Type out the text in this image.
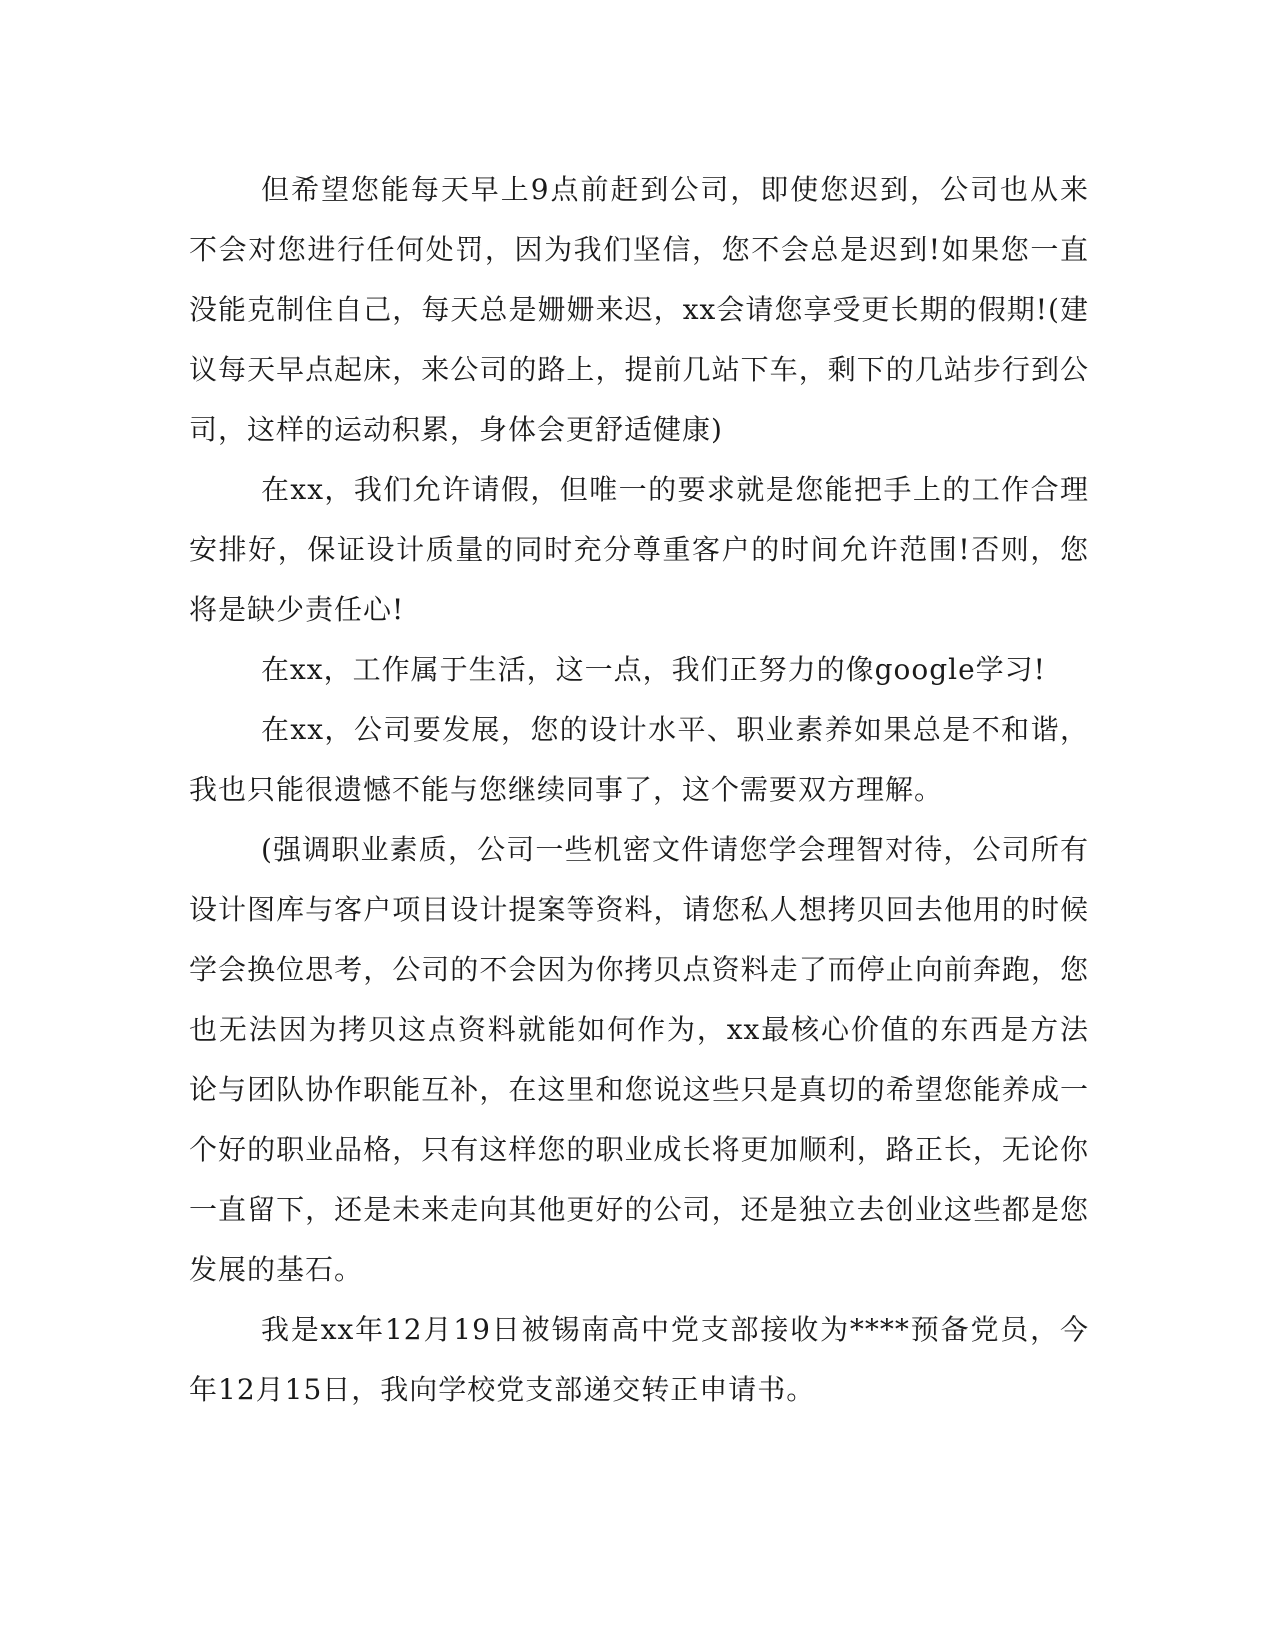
但希望您能每天早上9点前赶到公司，即使您迟到，公司也从来不会对您进行任何处罚，因为我们坚信，您不会总是迟到!如果您一直没能克制住自己，每天总是姗姗来迟，xx会请您享受更长期的假期!(建议每天早点起床，来公司的路上，提前几站下车，剩下的几站步行到公司，这样的运动积累，身体会更舒适健康)

在xx，我们允许请假，但唯一的要求就是您能把手上的工作合理安排好，保证设计质量的同时充分尊重客户的时间允许范围!否则，您将是缺少责任心!

在xx，工作属于生活，这一点，我们正努力的像google学习!

在xx，公司要发展，您的设计水平、职业素养如果总是不和谐，我也只能很遗憾不能与您继续同事了，这个需要双方理解。

(强调职业素质，公司一些机密文件请您学会理智对待，公司所有设计图库与客户项目设计提案等资料，请您私人想拷贝回去他用的时候学会换位思考，公司的不会因为你拷贝点资料走了而停止向前奔跑，您也无法因为拷贝这点资料就能如何作为，xx最核心价值的东西是方法论与团队协作职能互补，在这里和您说这些只是真切的希望您能养成一个好的职业品格，只有这样您的职业成长将更加顺利，路正长，无论你一直留下，还是未来走向其他更好的公司，还是独立去创业这些都是您发展的基石。

我是xx年12月19日被锡南高中党支部接收为****预备党员，今年12月15日，我向学校党支部递交转正申请书。
